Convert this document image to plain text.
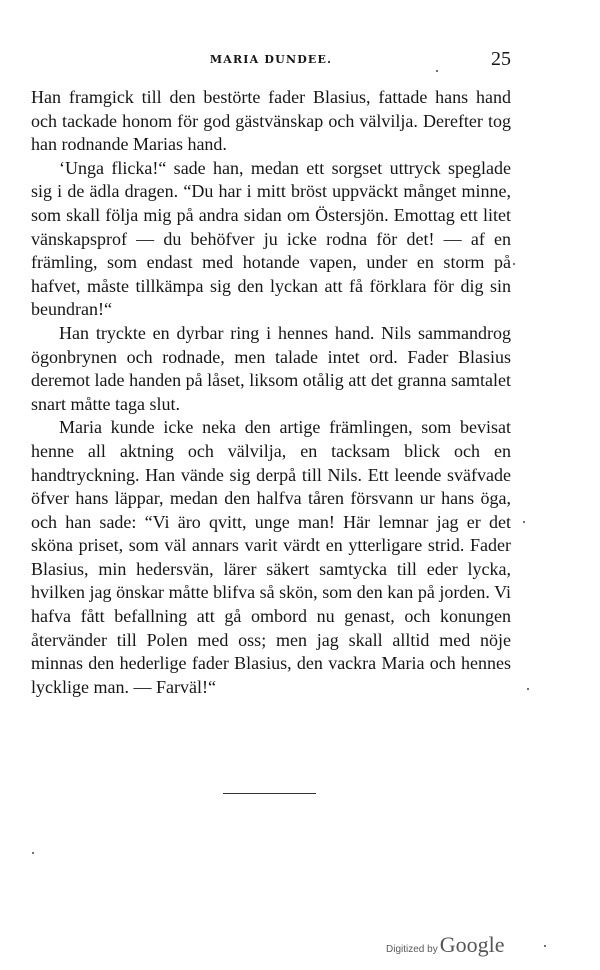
MARIA DUNDEE.	25

Han framgick till den bestörte fader Blasius, fattade hans hand och tackade honom för god gästvänskap och välvilja. Derefter tog han rodnande Marias hand.

‘Unga flicka!“ sade han, medan ett sorgset uttryck speglade sig i de ädla dragen. “Du har i mitt bröst uppväckt månget minne, som skall följa mig på andra sidan om Östersjön. Emottag ett litet vänskapsprof — du behöfver ju icke rodna för det! — af en främling, som endast med hotande vapen, under en storm på hafvet, måste tillkämpa sig den lyckan att få förklara för dig sin beundran!“

Han tryckte en dyrbar ring i hennes hand. Nils sammandrog ögonbrynen och rodnade, men talade intet ord. Fader Blasius deremot lade handen på låset, liksom otålig att det granna samtalet snart måtte taga slut.

Maria kunde icke neka den artige främlingen, som bevisat henne all aktning och välvilja, en tacksam blick och en handtryckning. Han vände sig derpå till Nils. Ett leende sväfvade öfver hans läppar, medan den halfva tåren försvann ur hans öga, och han sade: “Vi äro qvitt, unge man! Här lemnar jag er det sköna priset, som väl annars varit värdt en ytterligare strid. Fader Blasius, min hedersvän, lärer säkert samtycka till eder lycka, hvilken jag önskar måtte blifva så skön, som den kan på jorden. Vi hafva fått befallning att gå ombord nu genast, och konungen återvänder till Polen med oss; men jag skall alltid med nöje minnas den hederlige fader Blasius, den vackra Maria och hennes lycklige man. — Farväl!“

Digitized by Google
